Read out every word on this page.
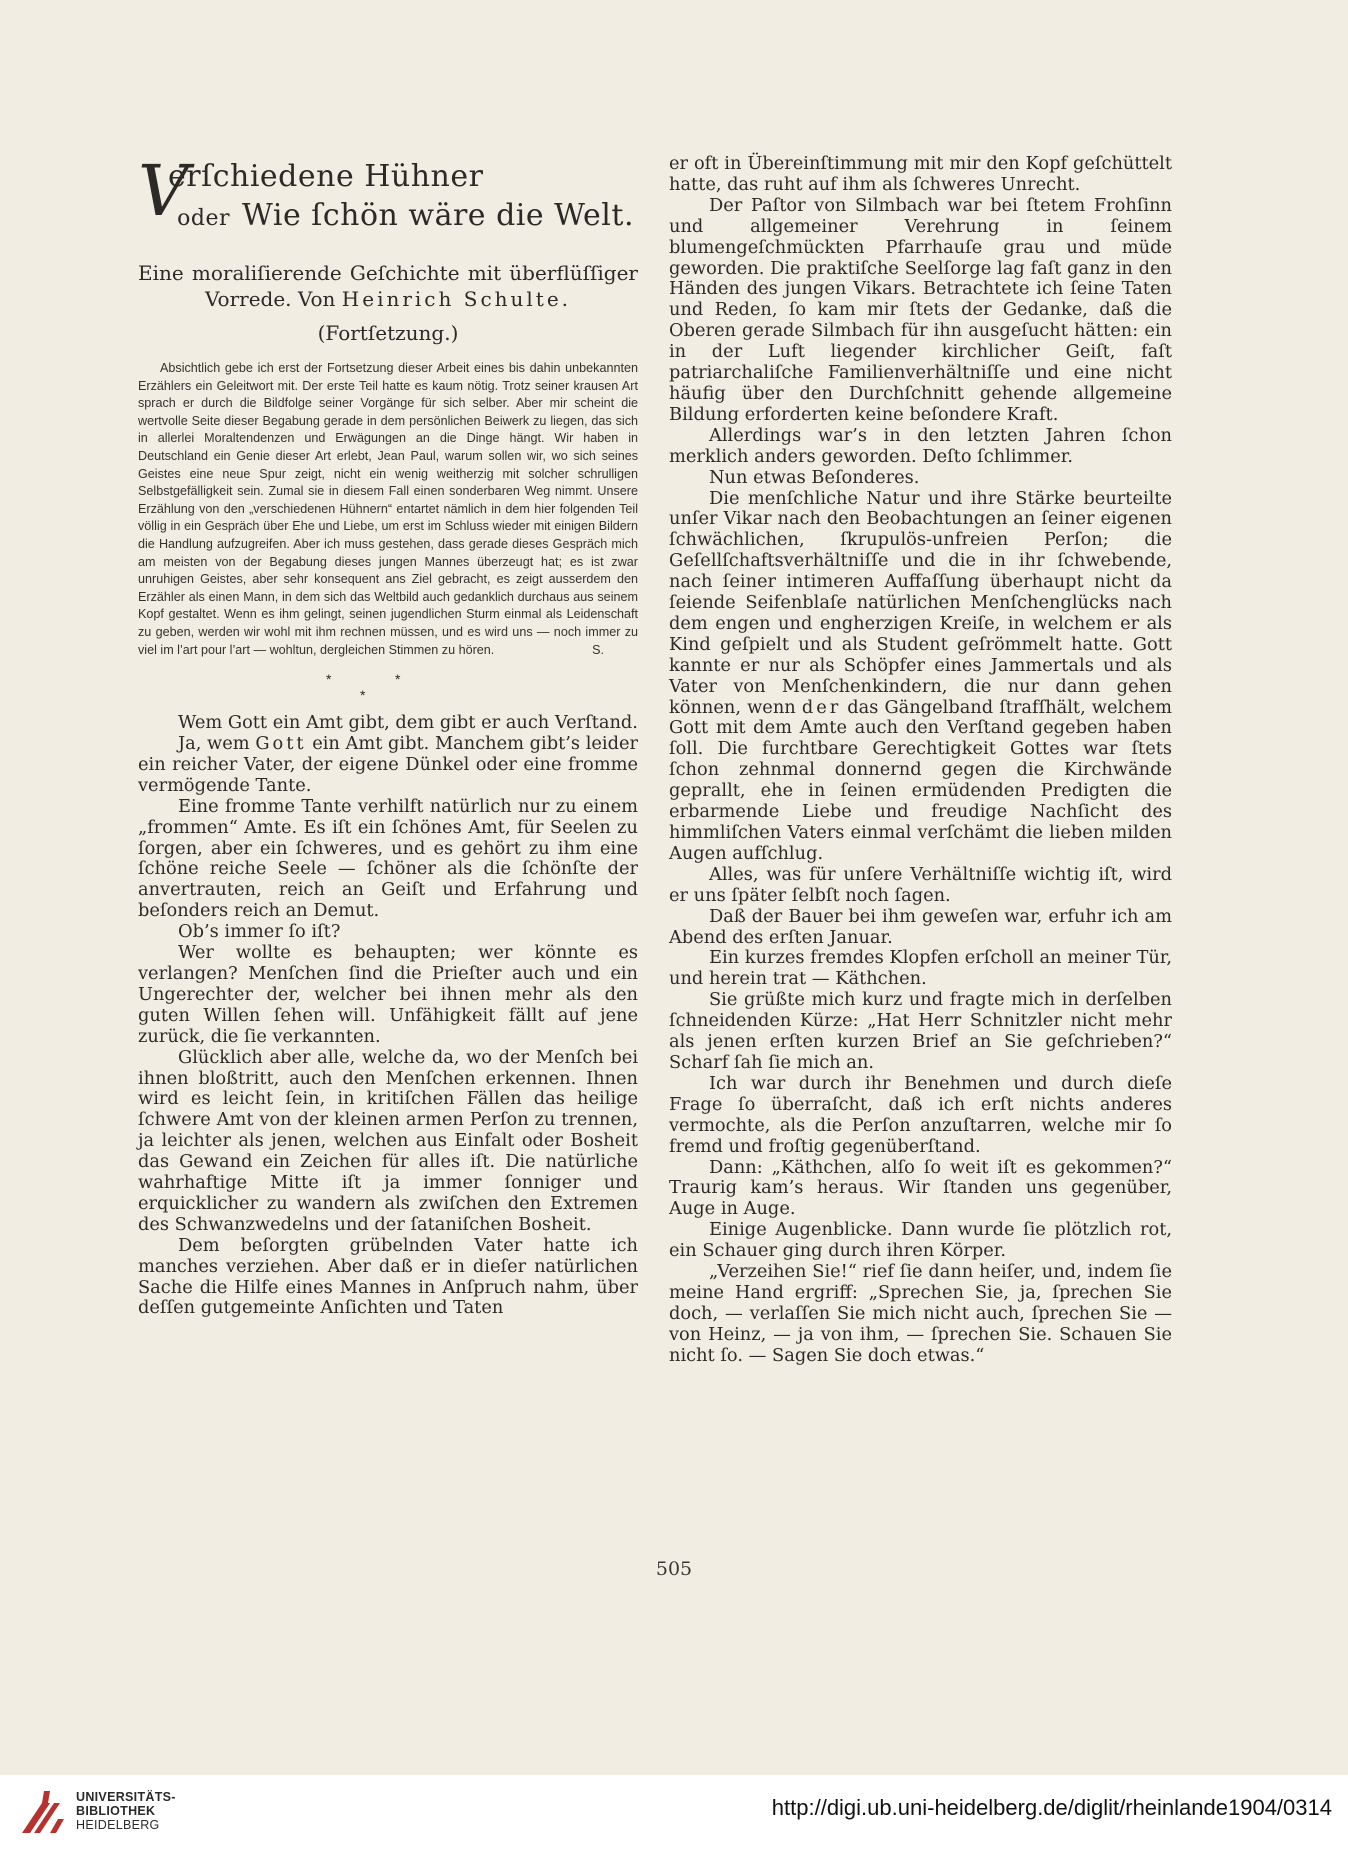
V
erſchiedene Hühner
oder Wie ſchön wäre die Welt.
Eine moraliſierende Geſchichte mit überflüſſiger Vorrede. Von Heinrich Schulte.
(Fortſetzung.)

Absichtlich gebe ich erst der Fortsetzung dieser Arbeit eines bis dahin unbekannten Erzählers ein Geleitwort mit. Der erste Teil hatte es kaum nötig. Trotz seiner krausen Art sprach er durch die Bildfolge seiner Vorgänge für sich selber. Aber mir scheint die wertvolle Seite dieser Begabung gerade in dem persönlichen Beiwerk zu liegen, das sich in allerlei Moraltendenzen und Erwägungen an die Dinge hängt. Wir haben in Deutschland ein Genie dieser Art erlebt, Jean Paul, warum sollen wir, wo sich seines Geistes eine neue Spur zeigt, nicht ein wenig weitherzig mit solcher schrulligen Selbstgefälligkeit sein. Zumal sie in diesem Fall einen sonderbaren Weg nimmt. Unsere Erzählung von den „verschiedenen Hühnern“ entartet nämlich in dem hier folgenden Teil völlig in ein Gespräch über Ehe und Liebe, um erst im Schluss wieder mit einigen Bildern die Handlung aufzugreifen. Aber ich muss gestehen, dass gerade dieses Gespräch mich am meisten von der Begabung dieses jungen Mannes überzeugt hat; es ist zwar unruhigen Geistes, aber sehr konsequent ans Ziel gebracht, es zeigt ausserdem den Erzähler als einen Mann, in dem sich das Weltbild auch gedanklich durchaus aus seinem Kopf gestaltet. Wenn es ihm gelingt, seinen jugendlichen Sturm einmal als Leidenschaft zu geben, werden wir wohl mit ihm rechnen müssen, und es wird uns — noch immer zu viel im l’art pour l’art — wohltun, dergleichen Stimmen zu hören.	S.

*	*
*

Wem Gott ein Amt gibt, dem gibt er auch Verſtand.

Ja, wem Gott ein Amt gibt. Manchem gibt’s leider ein reicher Vater, der eigene Dünkel oder eine fromme vermögende Tante.

Eine fromme Tante verhilft natürlich nur zu einem „frommen“ Amte. Es iſt ein ſchönes Amt, für Seelen zu ſorgen, aber ein ſchweres, und es gehört zu ihm eine ſchöne reiche Seele — ſchöner als die ſchönſte der anvertrauten, reich an Geiſt und Erfahrung und beſonders reich an Demut.

Ob’s immer ſo iſt?

Wer wollte es behaupten; wer könnte es verlangen? Menſchen ſind die Prieſter auch und ein Ungerechter der, welcher bei ihnen mehr als den guten Willen ſehen will. Unfähigkeit fällt auf jene zurück, die ſie verkannten.

Glücklich aber alle, welche da, wo der Menſch bei ihnen bloßtritt, auch den Menſchen erkennen. Ihnen wird es leicht ſein, in kritiſchen Fällen das heilige ſchwere Amt von der kleinen armen Perſon zu trennen, ja leichter als jenen, welchen aus Einfalt oder Bosheit das Gewand ein Zeichen für alles iſt. Die natürliche wahrhaftige Mitte iſt ja immer ſonniger und erquicklicher zu wandern als zwiſchen den Extremen des Schwanzwedelns und der ſataniſchen Bosheit.

Dem beſorgten grübelnden Vater hatte ich manches verziehen. Aber daß er in dieſer natürlichen Sache die Hilfe eines Mannes in Anſpruch nahm, über deſſen gutgemeinte Anſichten und Taten

er oft in Übereinſtimmung mit mir den Kopf geſchüttelt hatte, das ruht auf ihm als ſchweres Unrecht.

Der Paſtor von Silmbach war bei ſtetem Frohſinn und allgemeiner Verehrung in ſeinem blumengeſchmückten Pfarrhauſe grau und müde geworden. Die praktiſche Seelſorge lag faſt ganz in den Händen des jungen Vikars. Betrachtete ich ſeine Taten und Reden, ſo kam mir ſtets der Gedanke, daß die Oberen gerade Silmbach für ihn ausgeſucht hätten: ein in der Luft liegender kirchlicher Geiſt, faſt patriarchaliſche Familienverhältniſſe und eine nicht häufig über den Durchſchnitt gehende allgemeine Bildung erforderten keine beſondere Kraft.

Allerdings war’s in den letzten Jahren ſchon merklich anders geworden. Deſto ſchlimmer.

Nun etwas Beſonderes.

Die menſchliche Natur und ihre Stärke beurteilte unſer Vikar nach den Beobachtungen an ſeiner eigenen ſchwächlichen, ſkrupulös-unfreien Perſon; die Geſellſchaftsverhältniſſe und die in ihr ſchwebende, nach ſeiner intimeren Auffaſſung überhaupt nicht da ſeiende Seifenblaſe natürlichen Menſchenglücks nach dem engen und engherzigen Kreiſe, in welchem er als Kind geſpielt und als Student geſrömmelt hatte. Gott kannte er nur als Schöpfer eines Jammertals und als Vater von Menſchenkindern, die nur dann gehen können, wenn der das Gängelband ſtrafſhält, welchem Gott mit dem Amte auch den Verſtand gegeben haben ſoll. Die furchtbare Gerechtigkeit Gottes war ſtets ſchon zehnmal donnernd gegen die Kirchwände geprallt, ehe in ſeinen ermüdenden Predigten die erbarmende Liebe und freudige Nachſicht des himmliſchen Vaters einmal verſchämt die lieben milden Augen aufſchlug.

Alles, was für unſere Verhältniſſe wichtig iſt, wird er uns ſpäter ſelbſt noch ſagen.

Daß der Bauer bei ihm geweſen war, erfuhr ich am Abend des erſten Januar.

Ein kurzes fremdes Klopfen erſcholl an meiner Tür, und herein trat — Käthchen.

Sie grüßte mich kurz und fragte mich in derſelben ſchneidenden Kürze: „Hat Herr Schnitzler nicht mehr als jenen erſten kurzen Brief an Sie geſchrieben?“ Scharf ſah ſie mich an.

Ich war durch ihr Benehmen und durch dieſe Frage ſo überraſcht, daß ich erſt nichts anderes vermochte, als die Perſon anzuſtarren, welche mir ſo fremd und froſtig gegenüberſtand.

Dann: „Käthchen, alſo ſo weit iſt es gekommen?“ Traurig kam’s heraus. Wir ſtanden uns gegenüber, Auge in Auge.

Einige Augenblicke. Dann wurde ſie plötzlich rot, ein Schauer ging durch ihren Körper.

„Verzeihen Sie!“ rief ſie dann heiſer, und, indem ſie meine Hand ergriff: „Sprechen Sie, ja, ſprechen Sie doch, — verlaſſen Sie mich nicht auch, ſprechen Sie — von Heinz, — ja von ihm, — ſprechen Sie. Schauen Sie nicht ſo. — Sagen Sie doch etwas.“

505
UNIVERSITÄTS-
BIBLIOTHEK
HEIDELBERG
http://digi.ub.uni-heidelberg.de/diglit/rheinlande1904/0314
